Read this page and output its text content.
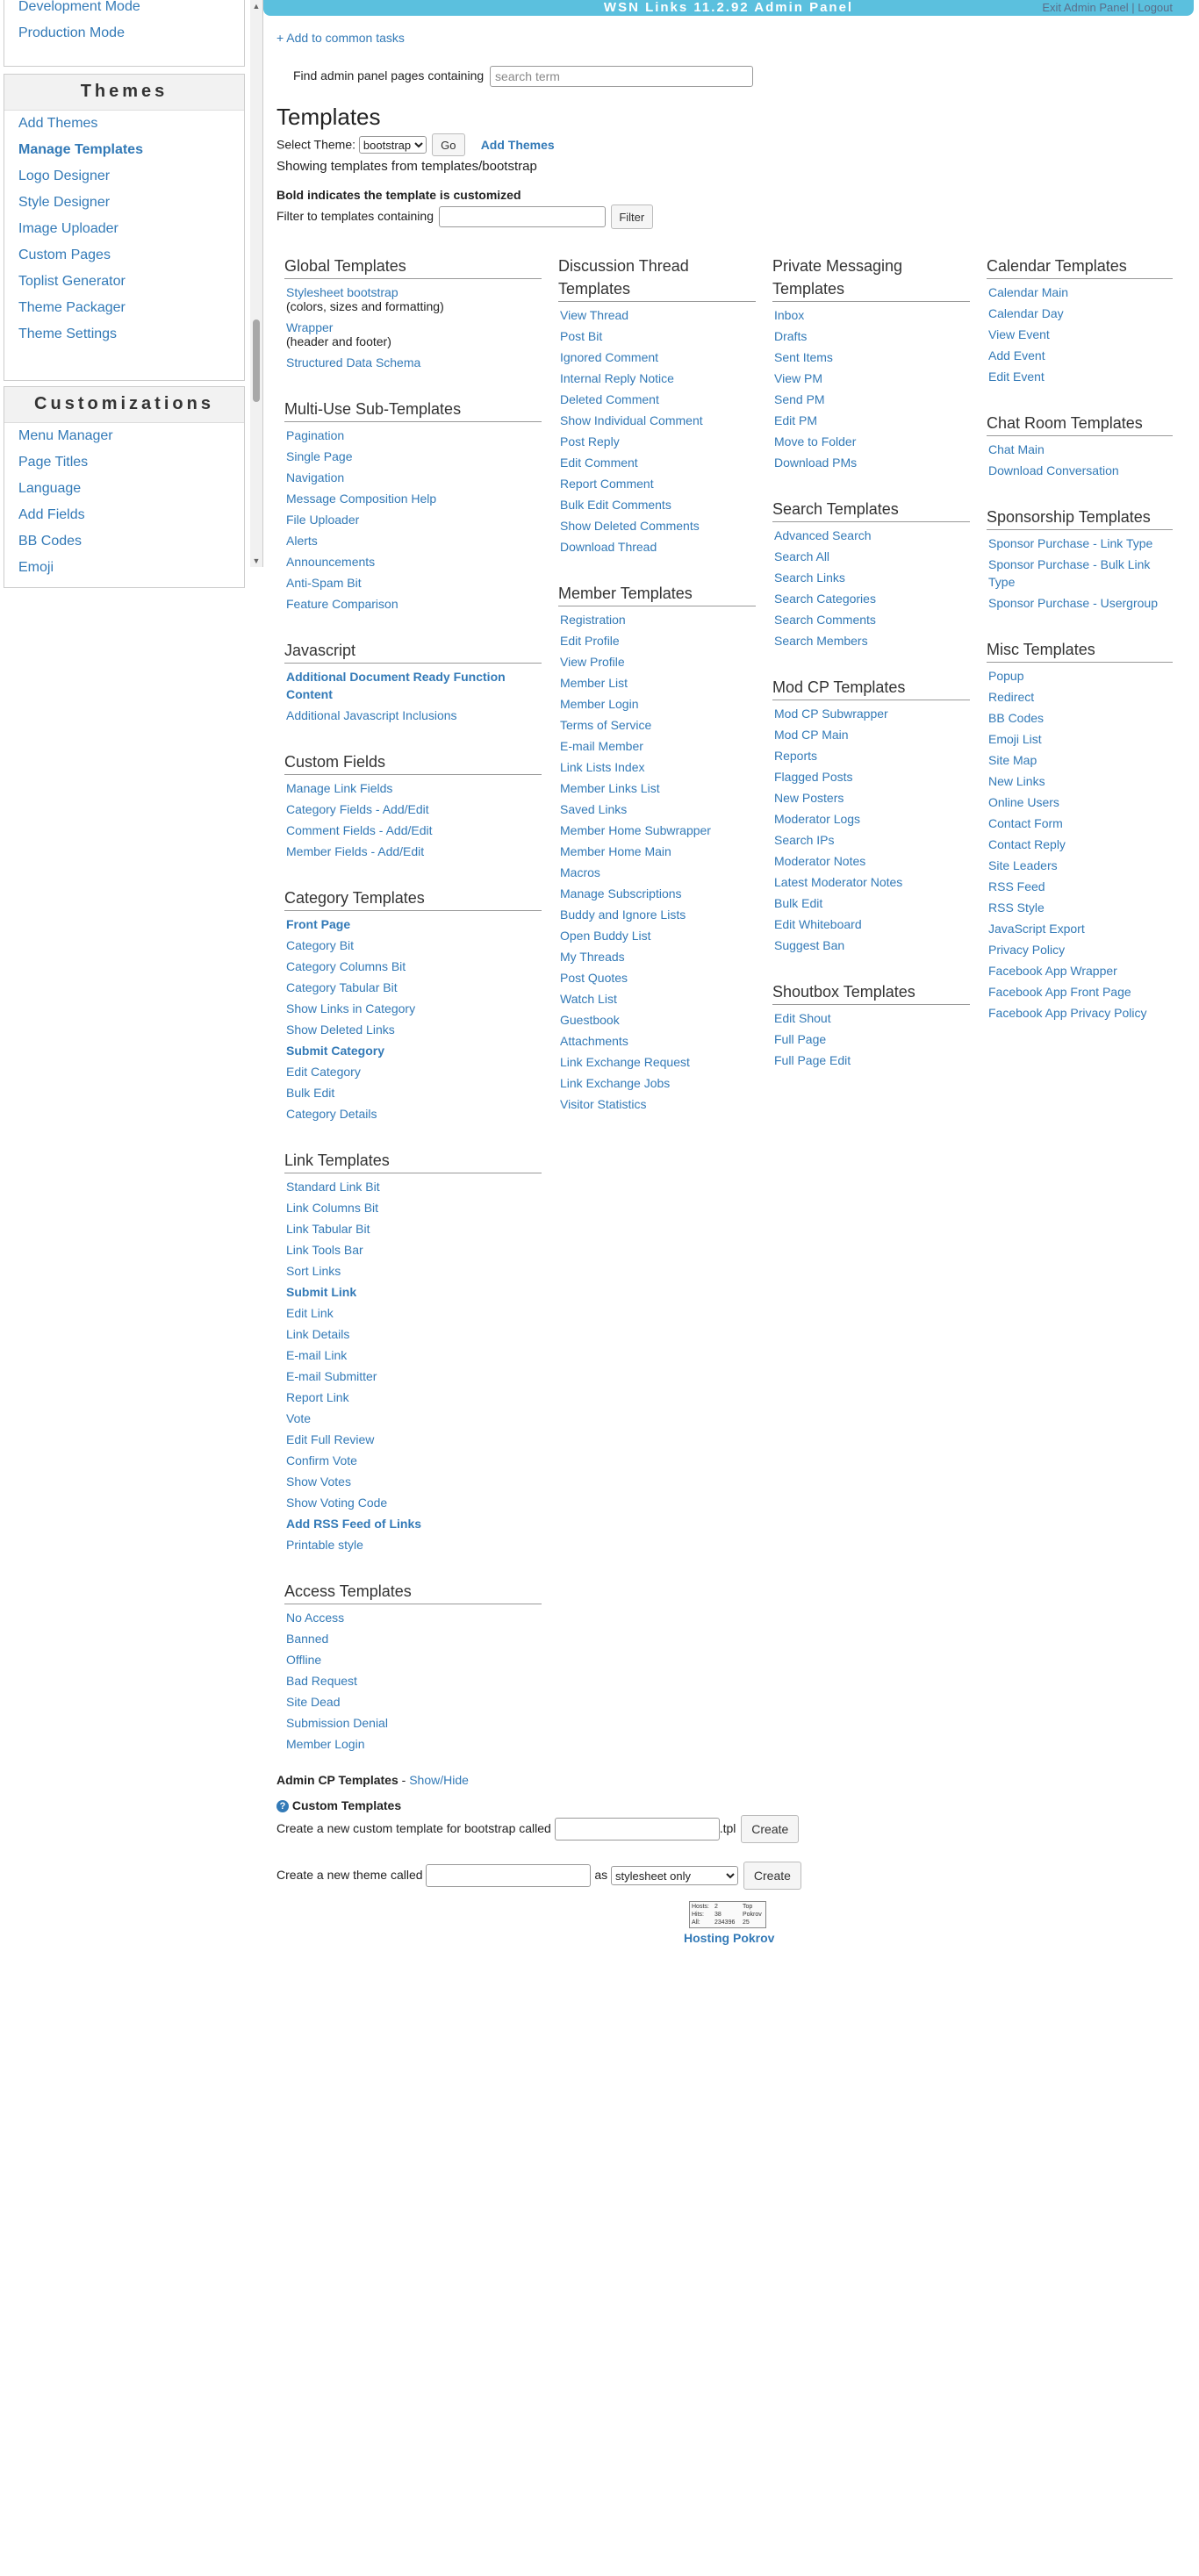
Development Mode
Production Mode
Themes
Add Themes
Manage Templates
Logo Designer
Style Designer
Image Uploader
Custom Pages
Toplist Generator
Theme Packager
Theme Settings
Customizations
Menu Manager
Page Titles
Language
Add Fields
BB Codes
Emoji
▲
▼
WSN Links 11.2.92 Admin Panel	Exit Admin Panel | Logout
+ Add to common tasks
Find admin panel pages containing search term
Templates
Select Theme:
bootstrap	Go Add Themes
Showing templates from templates/bootstrap
Bold indicates the template is customized
Filter to templates containing	Filter
Global Templates
Stylesheet bootstrap
(colors, sizes and formatting)
Wrapper
(header and footer)
Structured Data Schema
Multi-Use Sub-Templates
Pagination
Single Page
Navigation
Message Composition Help
File Uploader
Alerts
Announcements
Anti-Spam Bit
Feature Comparison
Javascript
Additional Document Ready Function Content
Additional Javascript Inclusions
Custom Fields
Manage Link Fields
Category Fields - Add/Edit
Comment Fields - Add/Edit
Member Fields - Add/Edit
Category Templates
Front Page
Category Bit
Category Columns Bit
Category Tabular Bit
Show Links in Category
Show Deleted Links
Submit Category
Edit Category
Bulk Edit
Category Details
Link Templates
Standard Link Bit
Link Columns Bit
Link Tabular Bit
Link Tools Bar
Sort Links
Submit Link
Edit Link
Link Details
E-mail Link
E-mail Submitter
Report Link
Vote
Edit Full Review
Confirm Vote
Show Votes
Show Voting Code
Add RSS Feed of Links
Printable style
Access Templates
No Access
Banned
Offline
Bad Request
Site Dead
Submission Denial
Member Login
Discussion Thread Templates
View Thread
Post Bit
Ignored Comment
Internal Reply Notice
Deleted Comment
Show Individual Comment
Post Reply
Edit Comment
Report Comment
Bulk Edit Comments
Show Deleted Comments
Download Thread
Member Templates
Registration
Edit Profile
View Profile
Member List
Member Login
Terms of Service
E-mail Member
Link Lists Index
Member Links List
Saved Links
Member Home Subwrapper
Member Home Main
Macros
Manage Subscriptions
Buddy and Ignore Lists
Open Buddy List
My Threads
Post Quotes
Watch List
Guestbook
Attachments
Link Exchange Request
Link Exchange Jobs
Visitor Statistics
Private Messaging Templates
Inbox
Drafts
Sent Items
View PM
Send PM
Edit PM
Move to Folder
Download PMs
Search Templates
Advanced Search
Search All
Search Links
Search Categories
Search Comments
Search Members
Mod CP Templates
Mod CP Subwrapper
Mod CP Main
Reports
Flagged Posts
New Posters
Moderator Logs
Search IPs
Moderator Notes
Latest Moderator Notes
Bulk Edit
Edit Whiteboard
Suggest Ban
Shoutbox Templates
Edit Shout
Full Page
Full Page Edit
Calendar Templates
Calendar Main
Calendar Day
View Event
Add Event
Edit Event
Chat Room Templates
Chat Main
Download Conversation
Sponsorship Templates
Sponsor Purchase - Link Type
Sponsor Purchase - Bulk Link Type
Sponsor Purchase - Usergroup
Misc Templates
Popup
Redirect
BB Codes
Emoji List
Site Map
New Links
Online Users
Contact Form
Contact Reply
Site Leaders
RSS Feed
RSS Style
JavaScript Export
Privacy Policy
Facebook App Wrapper
Facebook App Front Page
Facebook App Privacy Policy
Admin CP Templates - Show/Hide
? Custom Templates
Create a new custom template for bootstrap called	.tpl Create
Create a new theme called	as
stylesheet only	Create
Hosts:
Hits:
All:
2
38
234396
Top
Pokrov
25
Hosting Pokrov
